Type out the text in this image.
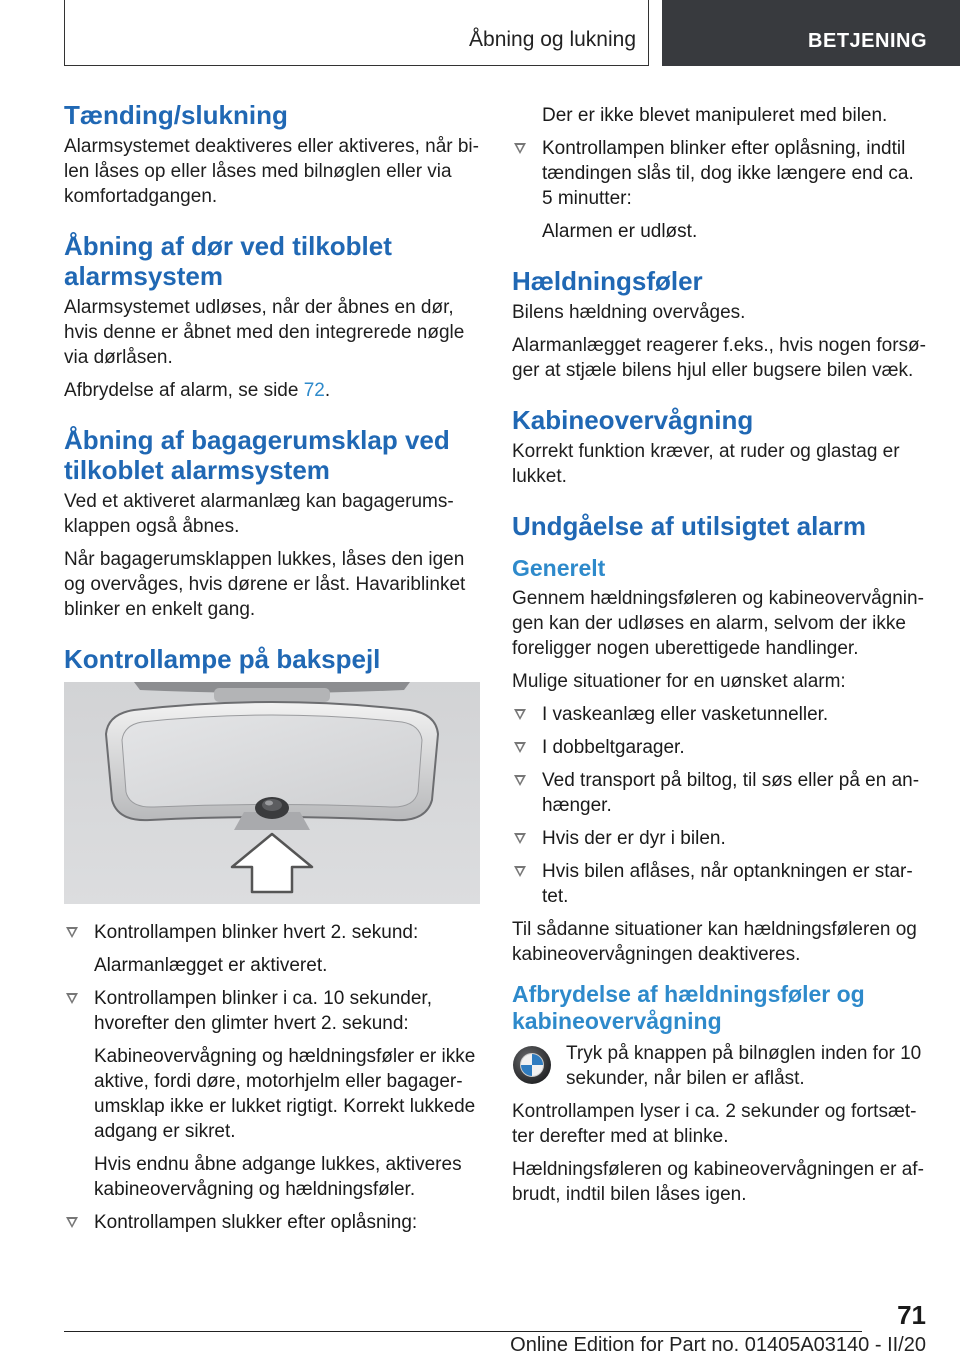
Åbning og lukning	BETJENING
Tænding/slukning

Alarmsystemet deaktiveres eller aktiveres, når bi-len låses op eller låses med bilnøglen eller via komfortadgangen.

Åbning af dør ved tilkoblet alarmsystem

Alarmsystemet udløses, når der åbnes en dør, hvis denne er åbnet med den integrerede nøgle via dørlåsen.

Afbrydelse af alarm, se side 72.

Åbning af bagagerumsklap ved tilkoblet alarmsystem

Ved et aktiveret alarmanlæg kan bagagerums-klappen også åbnes.

Når bagagerumsklappen lukkes, låses den igen og overvåges, hvis dørene er låst. Havariblinket blinker en enkelt gang.

Kontrollampe på bakspejl
Kontrollampen blinker hvert 2. sekund:
Alarmanlægget er aktiveret.
Kontrollampen blinker i ca. 10 sekunder, hvorefter den glimter hvert 2. sekund:
Kabineovervågning og hældningsføler er ikke aktive, fordi døre, motorhjelm eller bagager-umsklap ikke er lukket rigtigt. Korrekt lukkede adgang er sikret.
Hvis endnu åbne adgange lukkes, aktiveres kabineovervågning og hældningsføler.
Kontrollampen slukker efter oplåsning:
Der er ikke blevet manipuleret med bilen.
Kontrollampen blinker efter oplåsning, indtil tændingen slås til, dog ikke længere end ca. 5 minutter:
Alarmen er udløst.
Hældningsføler

Bilens hældning overvåges.

Alarmanlægget reagerer f.eks., hvis nogen forsø-ger at stjæle bilens hjul eller bugsere bilen væk.

Kabineovervågning

Korrekt funktion kræver, at ruder og glastag er lukket.

Undgåelse af utilsigtet alarm
Generelt

Gennem hældningsføleren og kabineovervågnin-gen kan der udløses en alarm, selvom der ikke foreligger nogen uberettigede handlinger.

Mulige situationer for en uønsket alarm:

I vaskeanlæg eller vasketunneller.
I dobbeltgarager.
Ved transport på biltog, til søs eller på en an-hænger.
Hvis der er dyr i bilen.
Hvis bilen aflåses, når optankningen er star-tet.

Til sådanne situationer kan hældningsføleren og kabineovervågningen deaktiveres.

Afbrydelse af hældningsføler og kabineovervågning

Tryk på knappen på bilnøglen inden for 10 sekunder, når bilen er aflåst.

Kontrollampen lyser i ca. 2 sekunder og fortsæt-ter derefter med at blinke.

Hældningsføleren og kabineovervågningen er af-brudt, indtil bilen låses igen.

71
Online Edition for Part no. 01405A03140 - II/20
